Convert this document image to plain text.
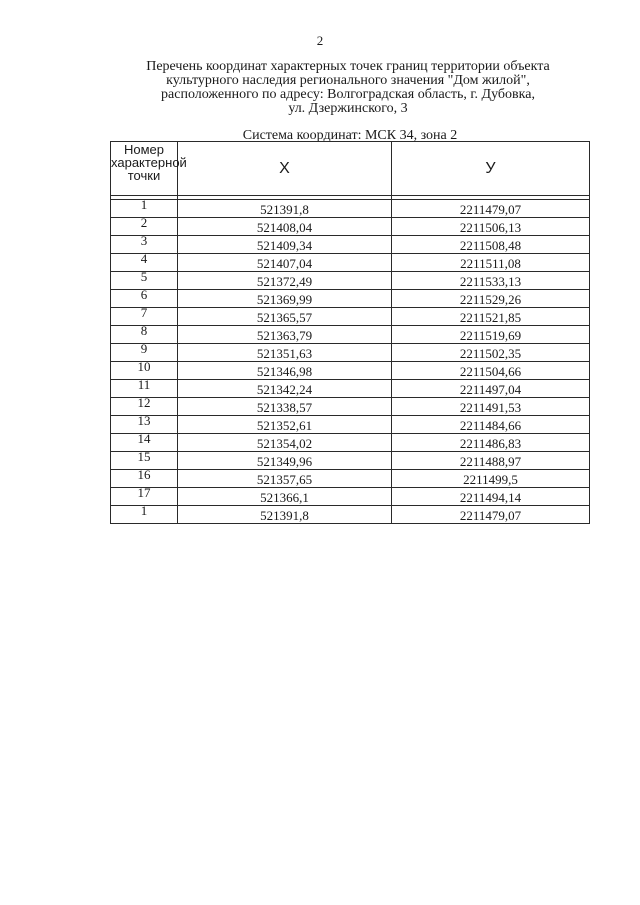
2
Перечень координат характерных точек границ территории объекта
культурного наследия регионального значения "Дом жилой",
расположенного по адресу: Волгоградская область, г. Дубовка,
ул. Дзержинского, 3
Система координат: МСК 34, зона 2
Номер
характерной
точки	X	У

1	521391,8	2211479,07
2	521408,04	2211506,13
3	521409,34	2211508,48
4	521407,04	2211511,08
5	521372,49	2211533,13
6	521369,99	2211529,26
7	521365,57	2211521,85
8	521363,79	2211519,69
9	521351,63	2211502,35
10	521346,98	2211504,66
11	521342,24	2211497,04
12	521338,57	2211491,53
13	521352,61	2211484,66
14	521354,02	2211486,83
15	521349,96	2211488,97
16	521357,65	2211499,5
17	521366,1	2211494,14
1	521391,8	2211479,07
